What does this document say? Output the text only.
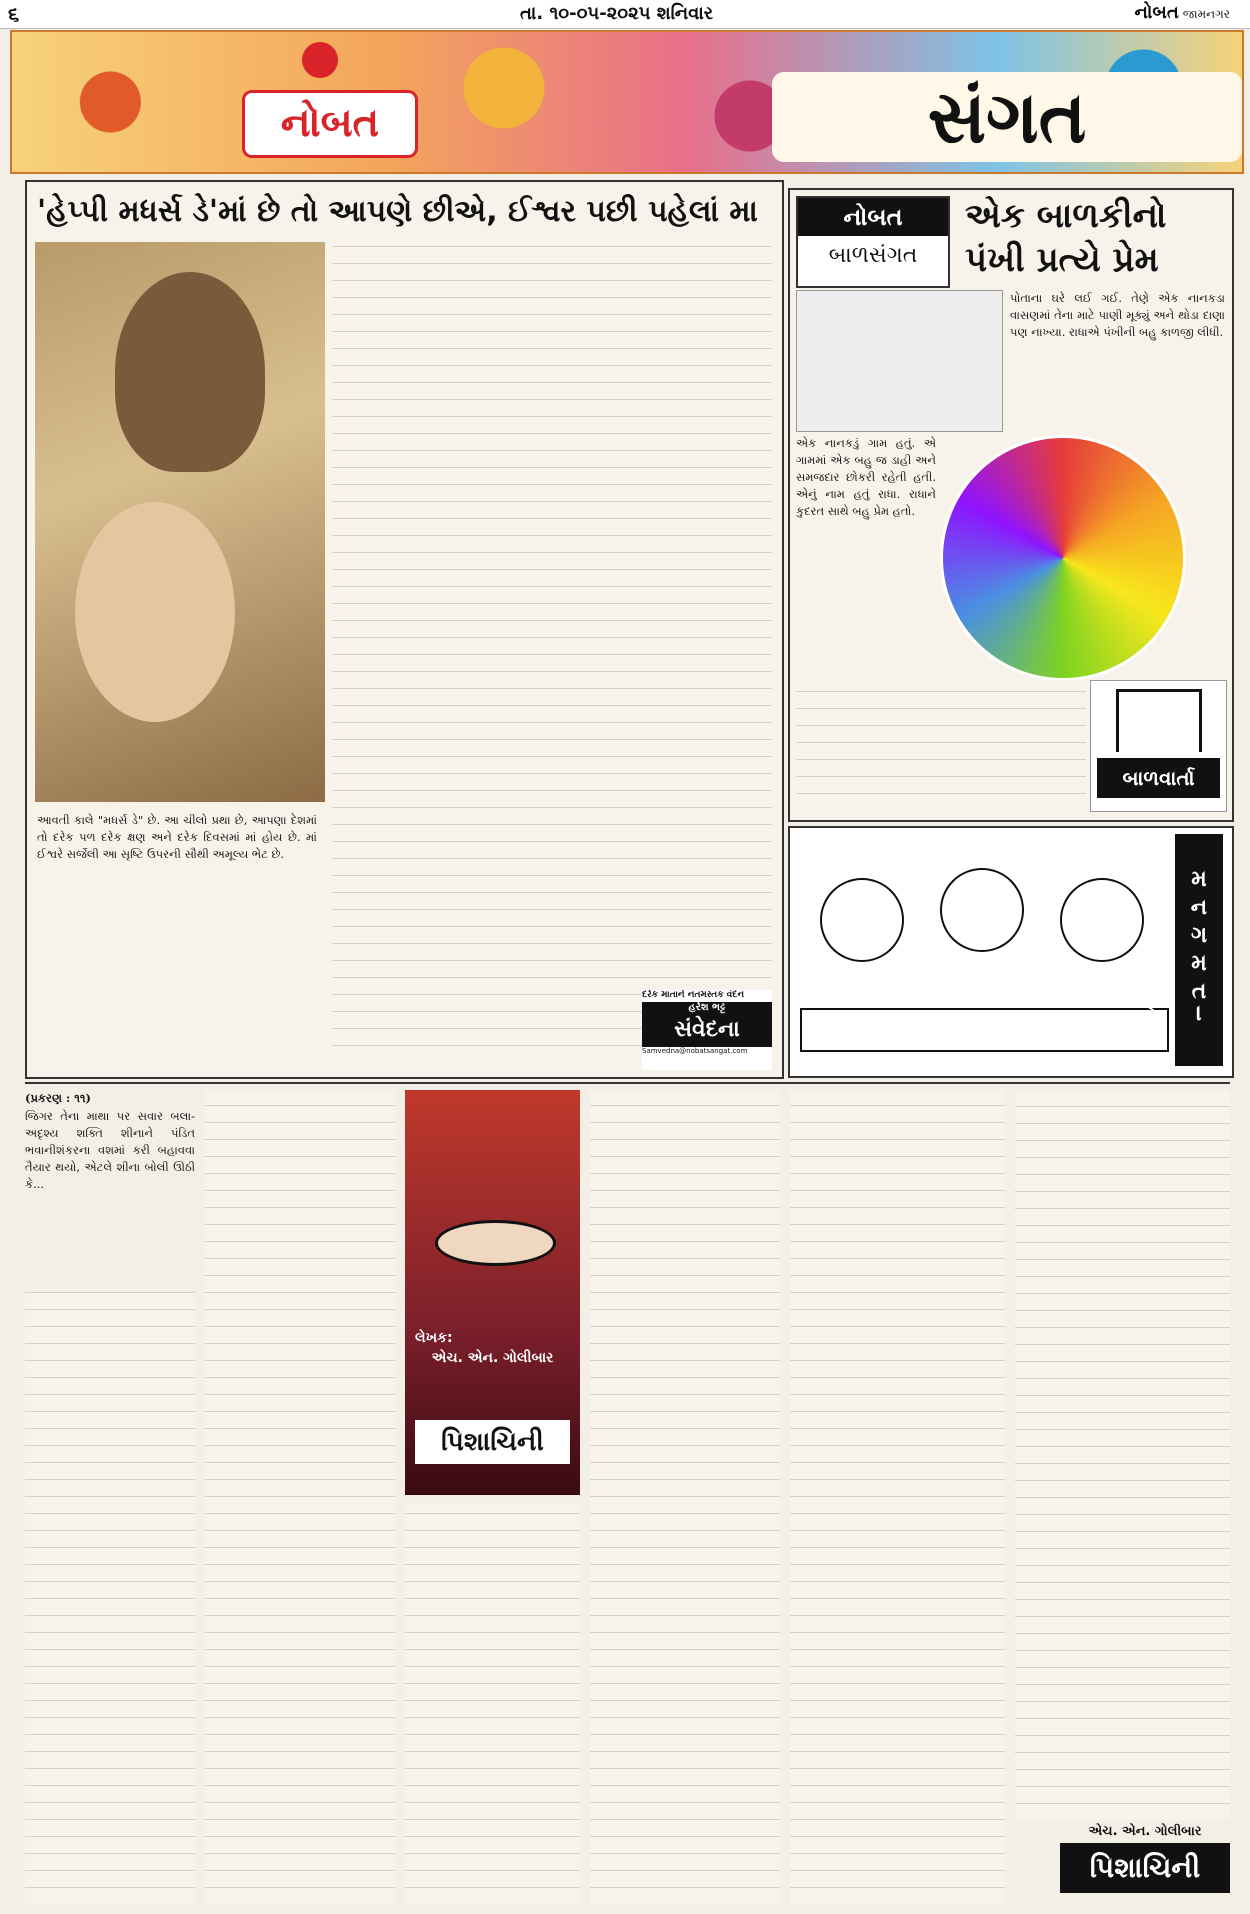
૬	તા. ૧૦-૦૫-૨૦૨૫ શનિવાર	નોબત જામનગર
નોબત	સંગત
'હેપ્પી મધર્સ ડે'માં છે તો આપણે છીએ, ઈશ્વર પછી પહેલાં મા
આવતી કાલે "મધર્સ ડે" છે. આ ચીલો પ્રથા છે, આપણા દેશમાં તો દરેક પળ દરેક ક્ષણ અને દરેક દિવસમાં માં હોય છે. માં ઈશ્વરે સર્જેલી આ સૃષ્ટિ ઉપરની સૌથી અમૂલ્ય ભેટ છે.
દરેક માતાને નતમસ્તક વંદન
હરેશ ભટ્ટ
સંવેદના
Samvedna@nobatsangat.com
નોબત
બાળસંગત
એક બાળકીનો પંખી પ્રત્યે પ્રેમ
પોતાના ઘરે લઈ ગઈ. તેણે એક નાનકડા વાસણમાં તેના માટે પાણી મૂક્યું અને થોડા દાણા પણ નાખ્યા. રાધાએ પંખીની બહુ કાળજી લીધી.
એક નાનકડું ગામ હતું. એ ગામમાં એક બહુ જ ડાહી અને સમજદાર છોકરી રહેતી હતી. એનું નામ હતું રાધા. રાધાને કુદરત સાથે બહુ પ્રેમ હતો.
બાળવાર્તા
મનગમતા રંગ પૂરો
(પ્રકરણ : ૧૧)
જિગર તેના માથા પર સવાર બલા-અદૃશ્ય શક્તિ શીનાને પંડિત ભવાનીશંકરના વશમાં કરી બહાવવા તૈયાર થયો, એટલે શીના બોલી ઊઠી કે...
લેખક:
એચ. એન. ગોલીબાર
પિશાચિની
એચ. એન. ગોલીબાર
પિશાચિની
